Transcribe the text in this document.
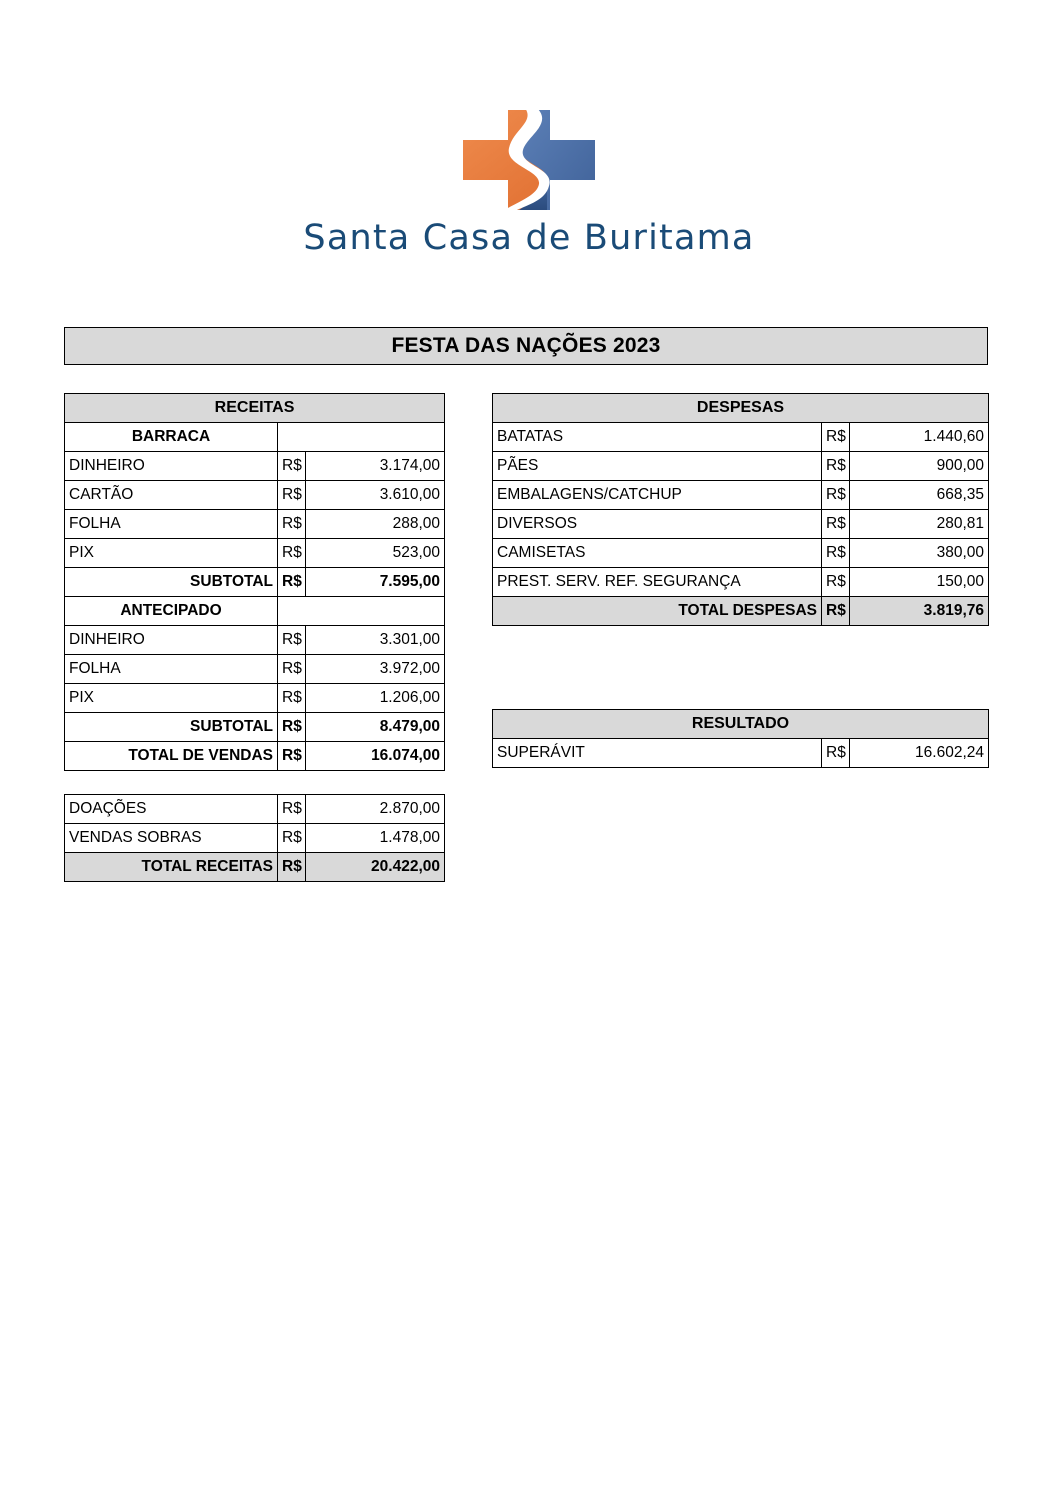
Santa Casa de Buritama
FESTA DAS NAÇÕES 2023
RECEITAS		
BARRACA		
DINHEIRO	R$	3.174,00
CARTÃO	R$	3.610,00
FOLHA	R$	288,00
PIX	R$	523,00
SUBTOTAL	R$	7.595,00
ANTECIPADO		
DINHEIRO	R$	3.301,00
FOLHA	R$	3.972,00
PIX	R$	1.206,00
SUBTOTAL	R$	8.479,00
TOTAL DE VENDAS	R$	16.074,00
DOAÇÕES	R$	2.870,00
VENDAS SOBRAS	R$	1.478,00
TOTAL RECEITAS	R$	20.422,00
DESPESAS		
BATATAS	R$	1.440,60
PÃES	R$	900,00
EMBALAGENS/CATCHUP	R$	668,35
DIVERSOS	R$	280,81
CAMISETAS	R$	380,00
PREST. SERV. REF. SEGURANÇA	R$	150,00
TOTAL DESPESAS	R$	3.819,76
RESULTADO
SUPERÁVIT	R$	16.602,24
